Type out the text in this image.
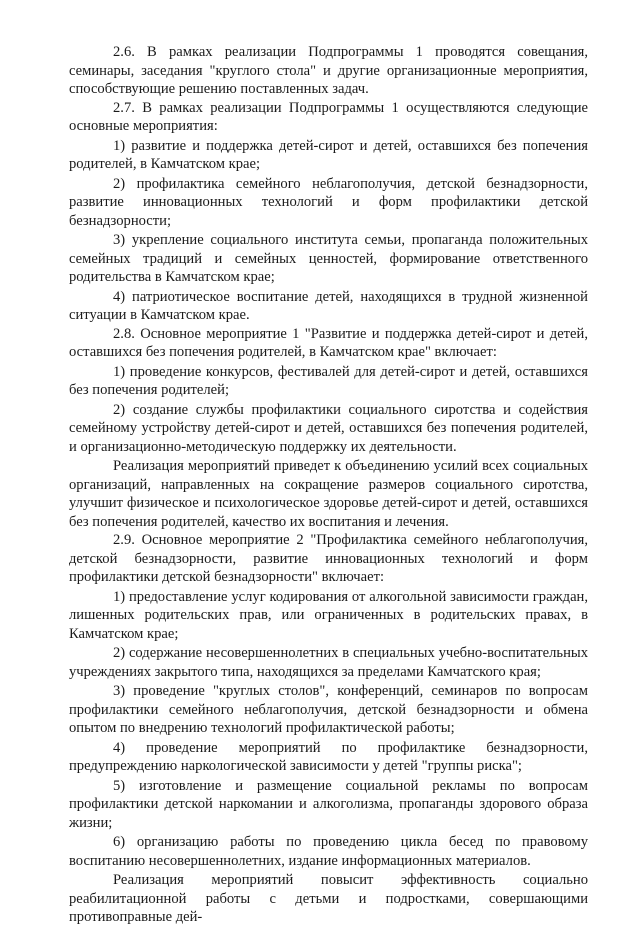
2.6. В рамках реализации Подпрограммы 1 проводятся совещания, семинары, заседания "круглого стола" и другие организационные мероприятия, способствующие решению поставленных задач.

2.7. В рамках реализации Подпрограммы 1 осуществляются следующие основные мероприятия:

1) развитие и поддержка детей-сирот и детей, оставшихся без попечения родителей, в Камчатском крае;

2) профилактика семейного неблагополучия, детской безнадзорности, развитие инновационных технологий и форм профилактики детской безнадзорности;

3) укрепление социального института семьи, пропаганда положительных семейных традиций и семейных ценностей, формирование ответственного родительства в Камчатском крае;

4) патриотическое воспитание детей, находящихся в трудной жизненной ситуации в Камчатском крае.

2.8. Основное мероприятие 1 "Развитие и поддержка детей-сирот и детей, оставшихся без попечения родителей, в Камчатском крае" включает:

1) проведение конкурсов, фестивалей для детей-сирот и детей, оставшихся без попечения родителей;

2) создание службы профилактики социального сиротства и содействия семейному устройству детей-сирот и детей, оставшихся без попечения родителей, и организационно-методическую поддержку их деятельности.

Реализация мероприятий приведет к объединению усилий всех социальных организаций, направленных на сокращение размеров социального сиротства, улучшит физическое и психологическое здоровье детей-сирот и детей, оставшихся без попечения родителей, качество их воспитания и лечения.

2.9. Основное мероприятие 2 "Профилактика семейного неблагополучия, детской безнадзорности, развитие инновационных технологий и форм профилактики детской безнадзорности" включает:

1) предоставление услуг кодирования от алкогольной зависимости граждан, лишенных родительских прав, или ограниченных в родительских правах, в Камчатском крае;

2) содержание несовершеннолетних в специальных учебно-воспитательных учреждениях закрытого типа, находящихся за пределами Камчатского края;

3) проведение "круглых столов", конференций, семинаров по вопросам профилактики семейного неблагополучия, детской безнадзорности и обмена опытом по внедрению технологий профилактической работы;

4) проведение мероприятий по профилактике безнадзорности, предупреждению наркологической зависимости у детей "группы риска";

5) изготовление и размещение социальной рекламы по вопросам профилактики детской наркомании и алкоголизма, пропаганды здорового образа жизни;

6) организацию работы по проведению цикла бесед по правовому воспитанию несовершеннолетних, издание информационных материалов.

Реализация мероприятий повысит эффективность социально реабилитационной работы с детьми и подростками, совершающими противоправные дей-
